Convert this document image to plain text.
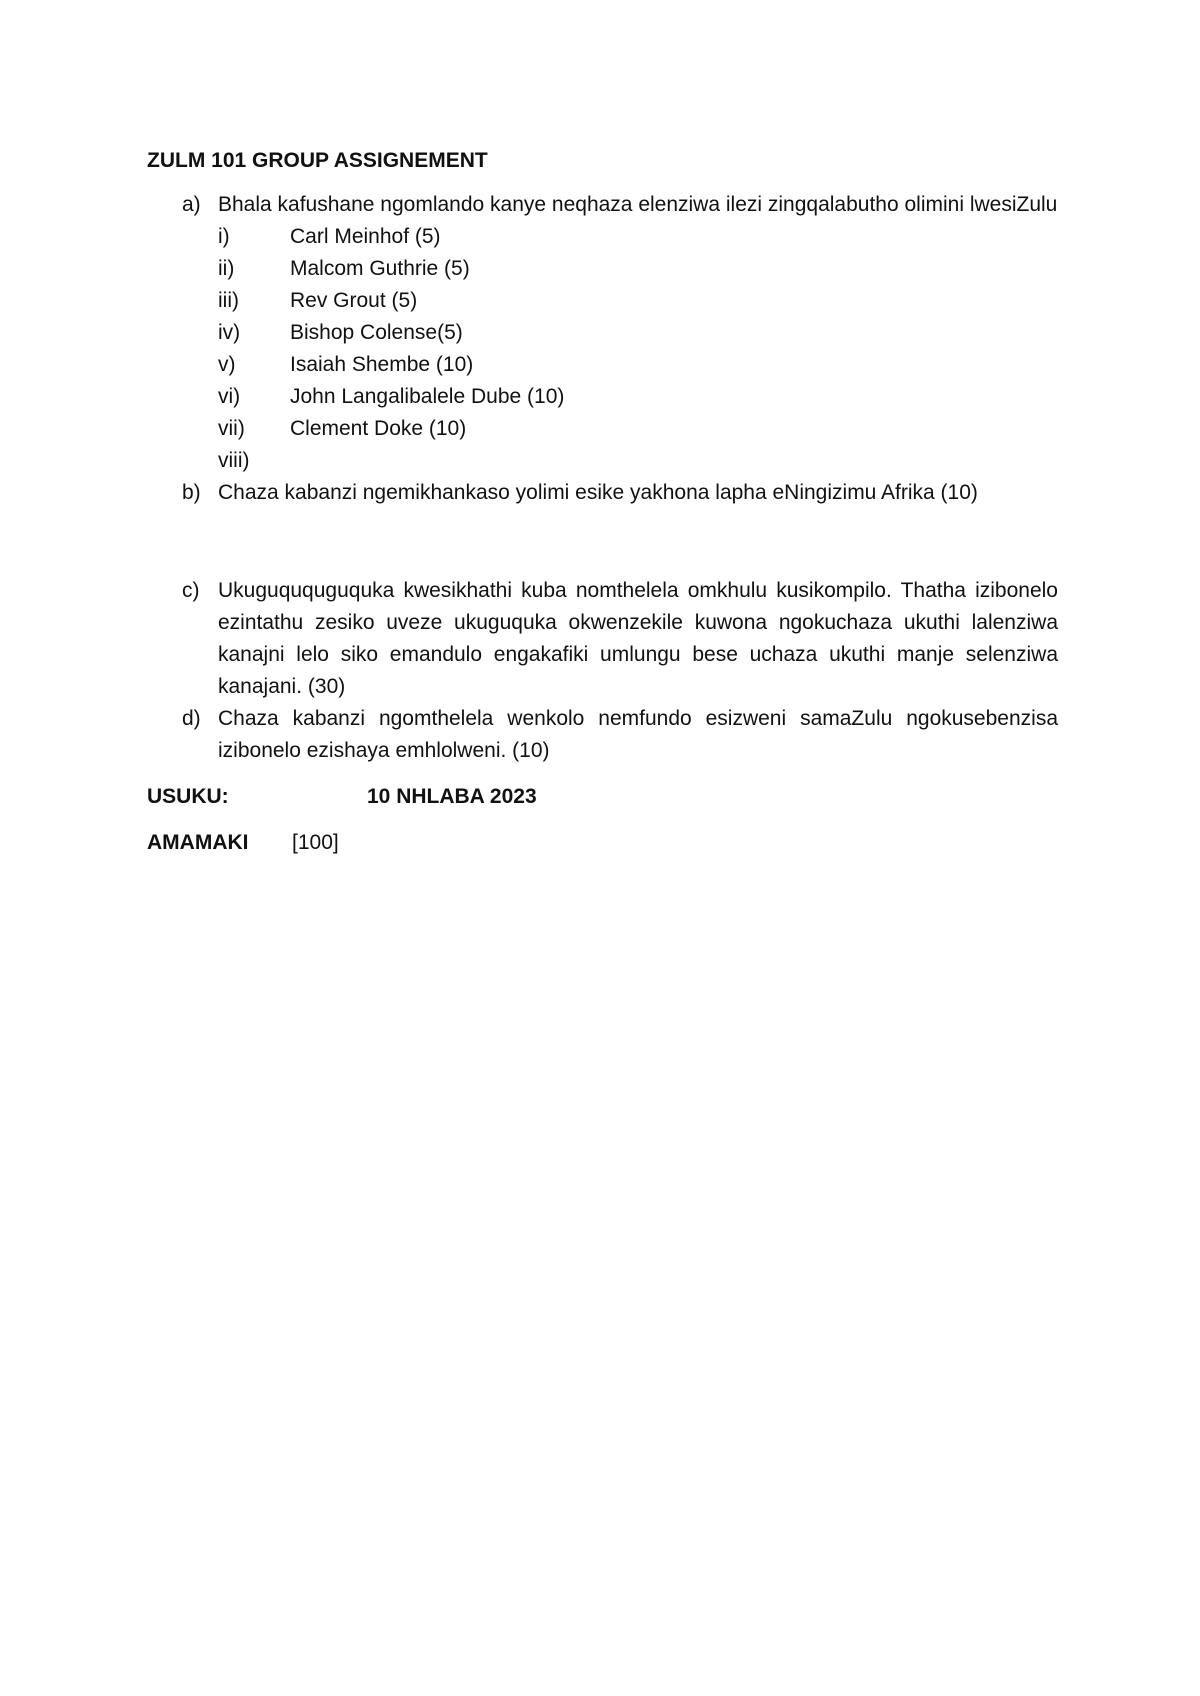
ZULM 101 GROUP ASSIGNEMENT
a) Bhala kafushane ngomlando kanye neqhaza elenziwa ilezi zingqalabutho olimini lwesiZulu
i)	Carl Meinhof (5)
ii)	Malcom Guthrie (5)
iii)	Rev Grout (5)
iv)	Bishop Colense(5)
v)	Isaiah Shembe (10)
vi)	John Langalibalele Dube (10)
vii)	Clement Doke (10)
viii)
b) Chaza kabanzi ngemikhankaso yolimi esike yakhona lapha eNingizimu Afrika (10)
c) Ukuguququguquka kwesikhathi kuba nomthelela omkhulu kusikompilo. Thatha izibonelo ezintathu zesiko uveze ukuguquka okwenzekile kuwona ngokuchaza ukuthi lalenziwa kanajni lelo siko emandulo engakafiki umlungu bese uchaza ukuthi manje selenziwa kanajani. (30)
d) Chaza kabanzi ngomthelela wenkolo nemfundo esizweni samaZulu ngokusebenzisa izibonelo ezishaya emhlolweni. (10)
USUKU:	10 NHLABA 2023
AMAMAKI	[100]
